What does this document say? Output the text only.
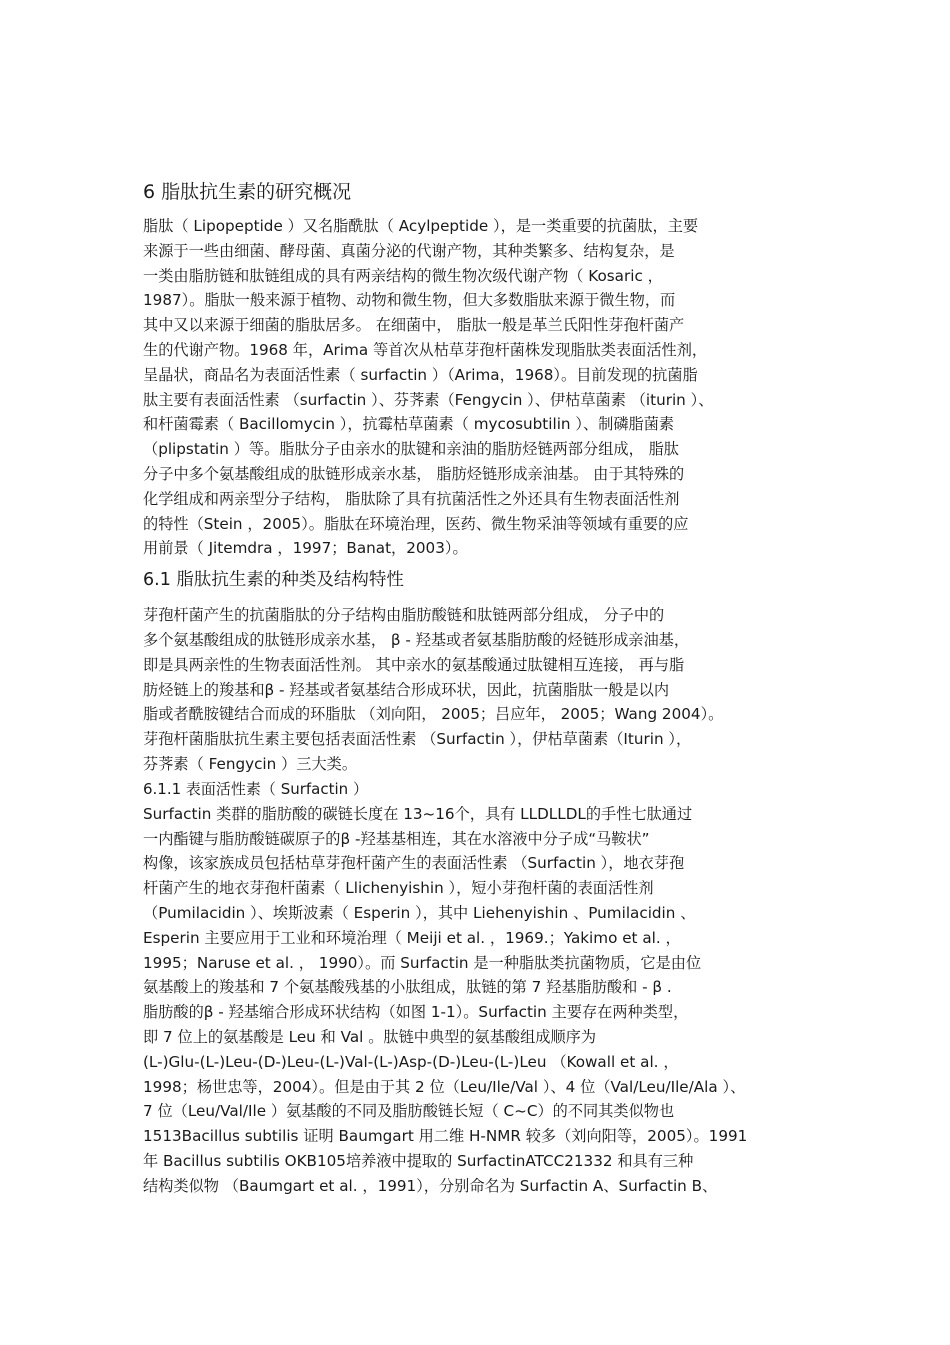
6 脂肽抗生素的研究概况
脂肽（ Lipopeptide ）又名脂酰肽（ Acylpeptide ），是一类重要的抗菌肽，主要
来源于一些由细菌、酵母菌、真菌分泌的代谢产物，其种类繁多、结构复杂，是
一类由脂肪链和肽链组成的具有两亲结构的微生物次级代谢产物（ Kosaric ，
1987）。脂肽一般来源于植物、动物和微生物，但大多数脂肽来源于微生物，而
其中又以来源于细菌的脂肽居多。 在细菌中， 脂肽一般是革兰氏阳性芽孢杆菌产
生的代谢产物。1968 年，Arima 等首次从枯草芽孢杆菌株发现脂肽类表面活性剂，
呈晶状，商品名为表面活性素（ surfactin ）（Arima，1968）。目前发现的抗菌脂
肽主要有表面活性素 （surfactin ）、芬荠素（Fengycin ）、伊枯草菌素 （iturin ）、
和杆菌霉素（ Bacillomycin ），抗霉枯草菌素（ mycosubtilin ）、制磷脂菌素
（plipstatin ）等。脂肽分子由亲水的肽键和亲油的脂肪烃链两部分组成， 脂肽
分子中多个氨基酸组成的肽链形成亲水基， 脂肪烃链形成亲油基。 由于其特殊的
化学组成和两亲型分子结构， 脂肽除了具有抗菌活性之外还具有生物表面活性剂
的特性（Stein ，2005）。脂肽在环境治理，医药、微生物采油等领域有重要的应
用前景（ Jitemdra ，1997；Banat，2003）。
6.1 脂肽抗生素的种类及结构特性
芽孢杆菌产生的抗菌脂肽的分子结构由脂肪酸链和肽链两部分组成， 分子中的
多个氨基酸组成的肽链形成亲水基， β - 羟基或者氨基脂肪酸的烃链形成亲油基，
即是具两亲性的生物表面活性剂。 其中亲水的氨基酸通过肽键相互连接， 再与脂
肪烃链上的羧基和β - 羟基或者氨基结合形成环状，因此，抗菌脂肽一般是以内
脂或者酰胺键结合而成的环脂肽 （刘向阳， 2005；吕应年， 2005；Wang 2004）。
芽孢杆菌脂肽抗生素主要包括表面活性素 （Surfactin ），伊枯草菌素（Iturin ），
芬荠素（ Fengycin ）三大类。
6.1.1 表面活性素（ Surfactin ）
Surfactin 类群的脂肪酸的碳链长度在 13~16个，具有 LLDLLDL的手性七肽通过
一内酯键与脂肪酸链碳原子的β -羟基基相连，其在水溶液中分子成“马鞍状”
构像，该家族成员包括枯草芽孢杆菌产生的表面活性素 （Surfactin ），地衣芽孢
杆菌产生的地衣芽孢杆菌素（ Llichenyishin ），短小芽孢杆菌的表面活性剂
（Pumilacidin ）、埃斯波素（ Esperin ），其中 Liehenyishin 、Pumilacidin 、
Esperin 主要应用于工业和环境治理（ Meiji et al. ，1969.；Yakimo et al. ，
1995；Naruse et al. ， 1990）。而 Surfactin 是一种脂肽类抗菌物质，它是由位
氨基酸上的羧基和 7 个氨基酸残基的小肽组成，肽链的第 7 羟基脂肪酸和 - β .
脂肪酸的β - 羟基缩合形成环状结构（如图 1-1）。Surfactin 主要存在两种类型，
即 7 位上的氨基酸是 Leu 和 Val 。肽链中典型的氨基酸组成顺序为
(L-)Glu-(L-)Leu-(D-)Leu-(L-)Val-(L-)Asp-(D-)Leu-(L-)Leu （Kowall et al. ，
1998；杨世忠等，2004）。但是由于其 2 位（Leu/Ile/Val ）、4 位（Val/Leu/Ile/Ala ）、
7 位（Leu/Val/Ile ）氨基酸的不同及脂肪酸链长短（ C~C）的不同其类似物也
1513Bacillus subtilis 证明 Baumgart 用二维 H-NMR 较多（刘向阳等，2005）。1991
年 Bacillus subtilis OKB105培养液中提取的 SurfactinATCC21332 和具有三种
结构类似物 （Baumgart et al. ，1991），分别命名为 Surfactin A、Surfactin B、
